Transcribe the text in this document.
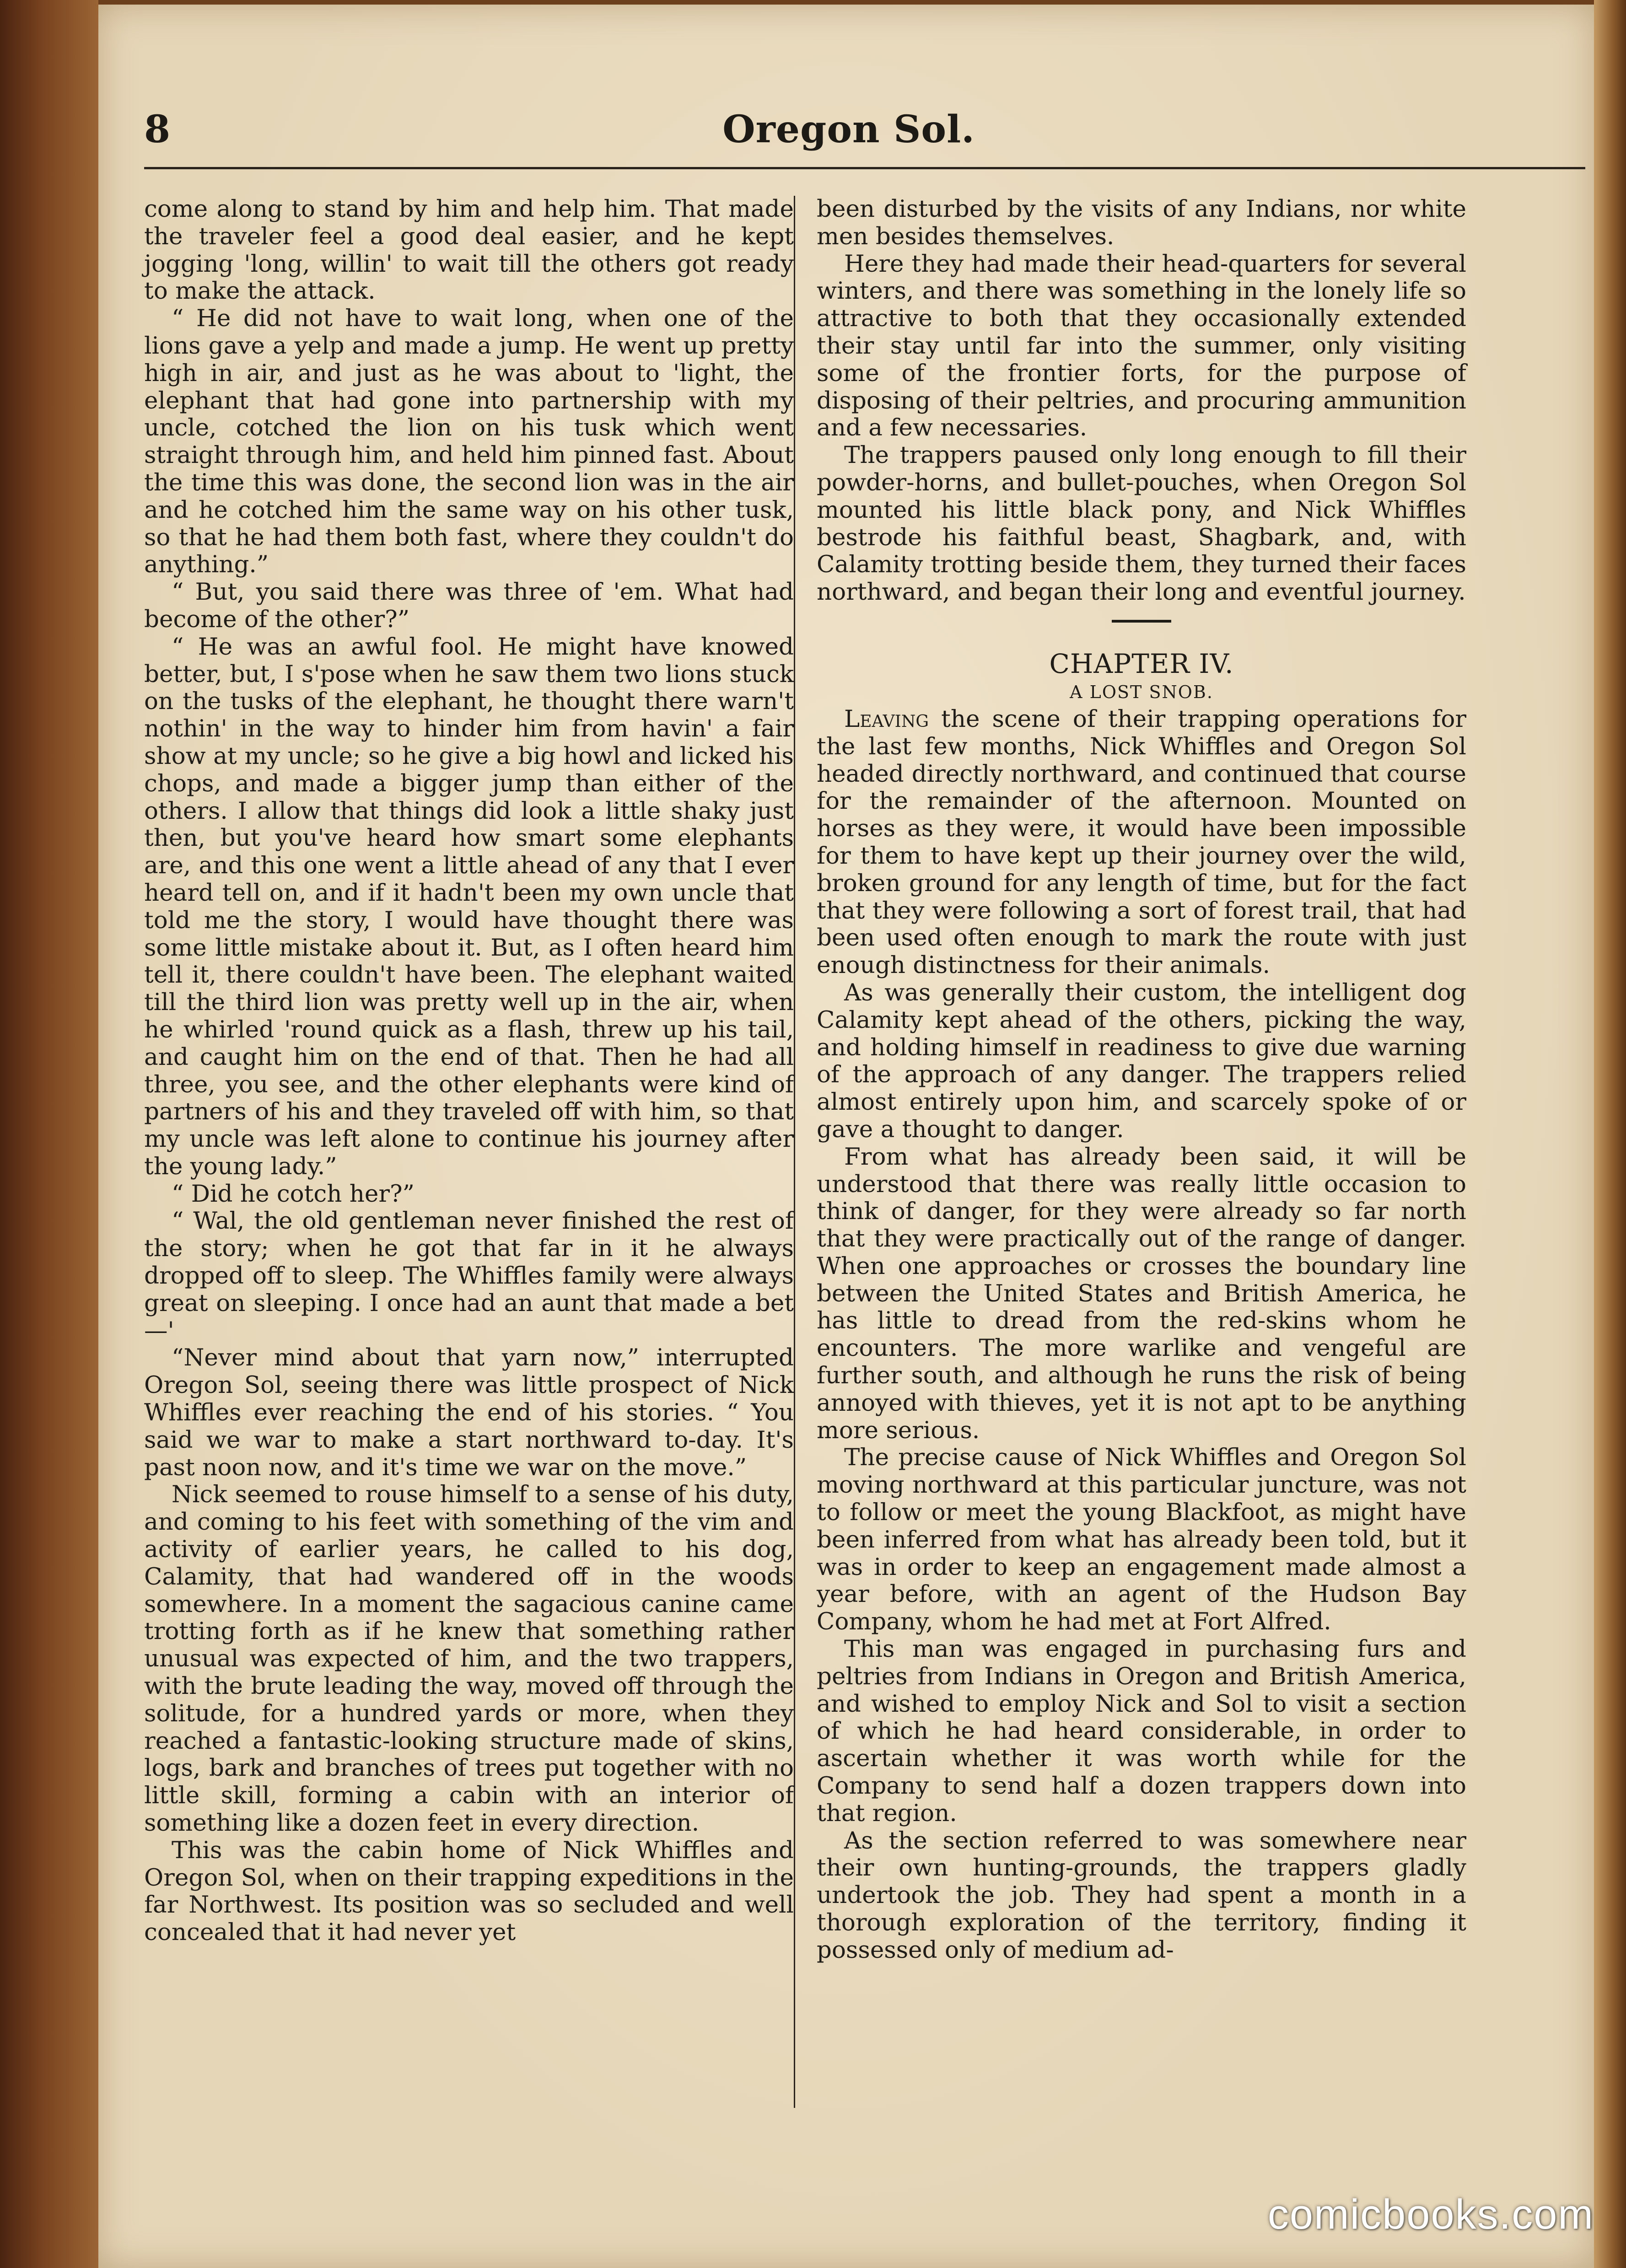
8	Oregon Sol.

come along to stand by him and help him. That made the traveler feel a good deal easier, and he kept jogging 'long, willin' to wait till the others got ready to make the attack.

“ He did not have to wait long, when one of the lions gave a yelp and made a jump. He went up pretty high in air, and just as he was about to 'light, the elephant that had gone into partnership with my uncle, cotched the lion on his tusk which went straight through him, and held him pinned fast. About the time this was done, the second lion was in the air and he cotched him the same way on his other tusk, so that he had them both fast, where they couldn't do anything.”

“ But, you said there was three of 'em. What had become of the other?”

“ He was an awful fool. He might have knowed better, but, I s'pose when he saw them two lions stuck on the tusks of the elephant, he thought there warn't nothin' in the way to hinder him from havin' a fair show at my uncle; so he give a big howl and licked his chops, and made a bigger jump than either of the others. I allow that things did look a little shaky just then, but you've heard how smart some elephants are, and this one went a little ahead of any that I ever heard tell on, and if it hadn't been my own uncle that told me the story, I would have thought there was some little mistake about it. But, as I often heard him tell it, there couldn't have been. The elephant waited till the third lion was pretty well up in the air, when he whirled 'round quick as a flash, threw up his tail, and caught him on the end of that. Then he had all three, you see, and the other elephants were kind of partners of his and they traveled off with him, so that my uncle was left alone to continue his journey after the young lady.”

“ Did he cotch her?”

“ Wal, the old gentleman never finished the rest of the story; when he got that far in it he always dropped off to sleep. The Whiffles family were always great on sleeping. I once had an aunt that made a bet—'

“Never mind about that yarn now,” interrupted Oregon Sol, seeing there was little prospect of Nick Whiffles ever reaching the end of his stories. “ You said we war to make a start northward to-day. It's past noon now, and it's time we war on the move.”

Nick seemed to rouse himself to a sense of his duty, and coming to his feet with something of the vim and activity of earlier years, he called to his dog, Calamity, that had wandered off in the woods somewhere. In a moment the sagacious canine came trotting forth as if he knew that something rather unusual was expected of him, and the two trappers, with the brute leading the way, moved off through the solitude, for a hundred yards or more, when they reached a fantastic-looking structure made of skins, logs, bark and branches of trees put together with no little skill, forming a cabin with an interior of something like a dozen feet in every direction.

This was the cabin home of Nick Whiffles and Oregon Sol, when on their trapping expeditions in the far Northwest. Its position was so secluded and well concealed that it had never yet

been disturbed by the visits of any Indians, nor white men besides themselves.

Here they had made their head-quarters for several winters, and there was something in the lonely life so attractive to both that they occasionally extended their stay until far into the summer, only visiting some of the frontier forts, for the purpose of disposing of their peltries, and procuring ammunition and a few necessaries.

The trappers paused only long enough to fill their powder-horns, and bullet-pouches, when Oregon Sol mounted his little black pony, and Nick Whiffles bestrode his faithful beast, Shagbark, and, with Calamity trotting beside them, they turned their faces northward, and began their long and eventful journey.

CHAPTER IV.

A LOST SNOB.

Leaving the scene of their trapping operations for the last few months, Nick Whiffles and Oregon Sol headed directly northward, and continued that course for the remainder of the afternoon. Mounted on horses as they were, it would have been impossible for them to have kept up their journey over the wild, broken ground for any length of time, but for the fact that they were following a sort of forest trail, that had been used often enough to mark the route with just enough distinctness for their animals.

As was generally their custom, the intelligent dog Calamity kept ahead of the others, picking the way, and holding himself in readiness to give due warning of the approach of any danger. The trappers relied almost entirely upon him, and scarcely spoke of or gave a thought to danger.

From what has already been said, it will be understood that there was really little occasion to think of danger, for they were already so far north that they were practically out of the range of danger. When one approaches or crosses the boundary line between the United States and British America, he has little to dread from the red-skins whom he encounters. The more warlike and vengeful are further south, and although he runs the risk of being annoyed with thieves, yet it is not apt to be anything more serious.

The precise cause of Nick Whiffles and Oregon Sol moving northward at this particular juncture, was not to follow or meet the young Blackfoot, as might have been inferred from what has already been told, but it was in order to keep an engagement made almost a year before, with an agent of the Hudson Bay Company, whom he had met at Fort Alfred.

This man was engaged in purchasing furs and peltries from Indians in Oregon and British America, and wished to employ Nick and Sol to visit a section of which he had heard considerable, in order to ascertain whether it was worth while for the Company to send half a dozen trappers down into that region.

As the section referred to was somewhere near their own hunting-grounds, the trappers gladly undertook the job. They had spent a month in a thorough exploration of the territory, finding it possessed only of medium ad-

comicbooks.com
